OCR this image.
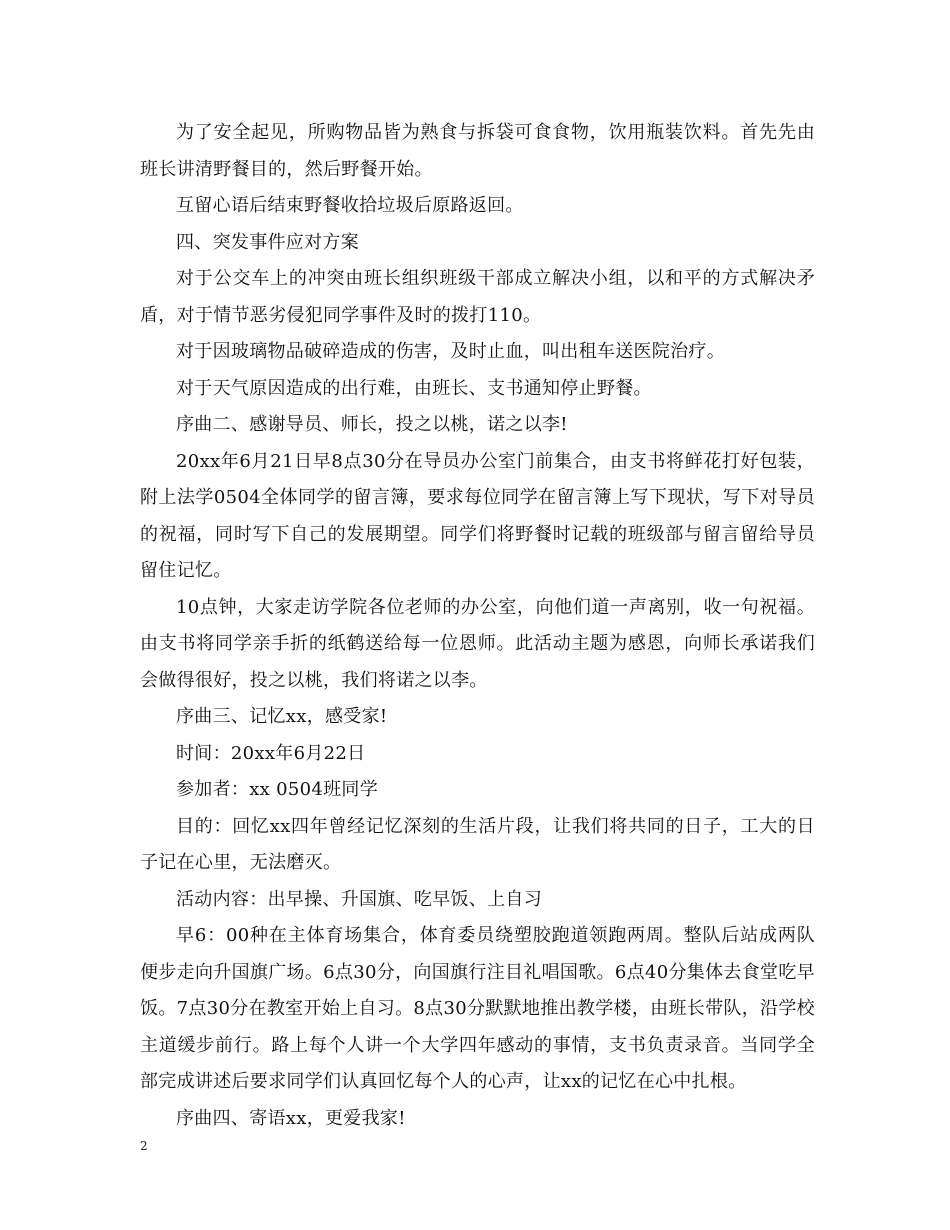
为了安全起见，所购物品皆为熟食与拆袋可食食物，饮用瓶装饮料。首先先由班长讲清野餐目的，然后野餐开始。

互留心语后结束野餐收拾垃圾后原路返回。

四、突发事件应对方案

对于公交车上的冲突由班长组织班级干部成立解决小组，以和平的方式解决矛盾，对于情节恶劣侵犯同学事件及时的拨打110。

对于因玻璃物品破碎造成的伤害，及时止血，叫出租车送医院治疗。

对于天气原因造成的出行难，由班长、支书通知停止野餐。

序曲二、感谢导员、师长，投之以桃，诺之以李!

20xx年6月21日早8点30分在导员办公室门前集合，由支书将鲜花打好包装，附上法学0504全体同学的留言簿，要求每位同学在留言簿上写下现状，写下对导员的祝福，同时写下自己的发展期望。同学们将野餐时记载的班级部与留言留给导员留住记忆。

10点钟，大家走访学院各位老师的办公室，向他们道一声离别，收一句祝福。由支书将同学亲手折的纸鹤送给每一位恩师。此活动主题为感恩，向师长承诺我们会做得很好，投之以桃，我们将诺之以李。

序曲三、记忆xx，感受家!

时间：20xx年6月22日

参加者：xx 0504班同学

目的：回忆xx四年曾经记忆深刻的生活片段，让我们将共同的日子，工大的日子记在心里，无法磨灭。

活动内容：出早操、升国旗、吃早饭、上自习

早6：00种在主体育场集合，体育委员绕塑胶跑道领跑两周。整队后站成两队便步走向升国旗广场。6点30分，向国旗行注目礼唱国歌。6点40分集体去食堂吃早饭。7点30分在教室开始上自习。8点30分默默地推出教学楼，由班长带队，沿学校主道缓步前行。路上每个人讲一个大学四年感动的事情，支书负责录音。当同学全部完成讲述后要求同学们认真回忆每个人的心声，让xx的记忆在心中扎根。

序曲四、寄语xx，更爱我家!

2
